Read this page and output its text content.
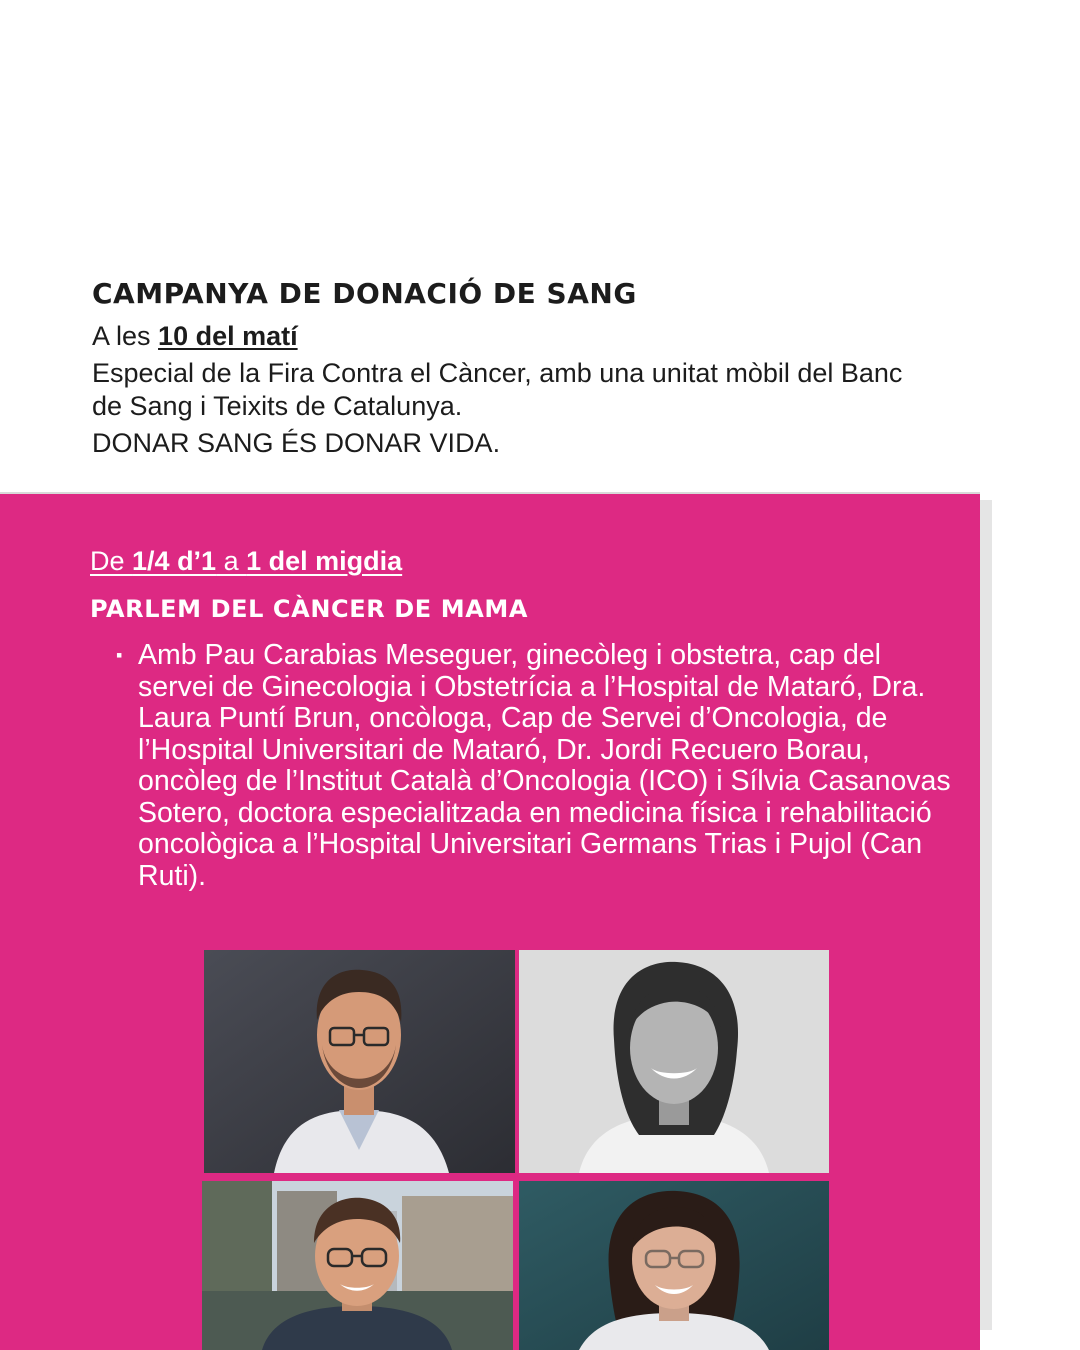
CAMPANYA DE DONACIÓ DE SANG

A les 10 del matí

Especial de la Fira Contra el Càncer, amb una unitat mòbil del Banc de Sang i Teixits de Catalunya.

DONAR SANG ÉS DONAR VIDA.

De 1/4 d’1 a 1 del migdia

PARLEM DEL CÀNCER DE MAMA
▪ Amb Pau Carabias Meseguer, ginecòleg i obstetra, cap del servei de Ginecologia i Obstetrícia a l’Hospital de Mataró, Dra. Laura Puntí Brun, oncòloga, Cap de Servei d’Oncologia, de l’Hospital Universitari de Mataró, Dr. Jordi Recuero Borau, oncòleg de l’Institut Català d’Oncologia (ICO) i Sílvia Casanovas Sotero, doctora especialitzada en medicina física i rehabilitació oncològica a l’Hospital Universitari Germans Trias i Pujol (Can Ruti).
